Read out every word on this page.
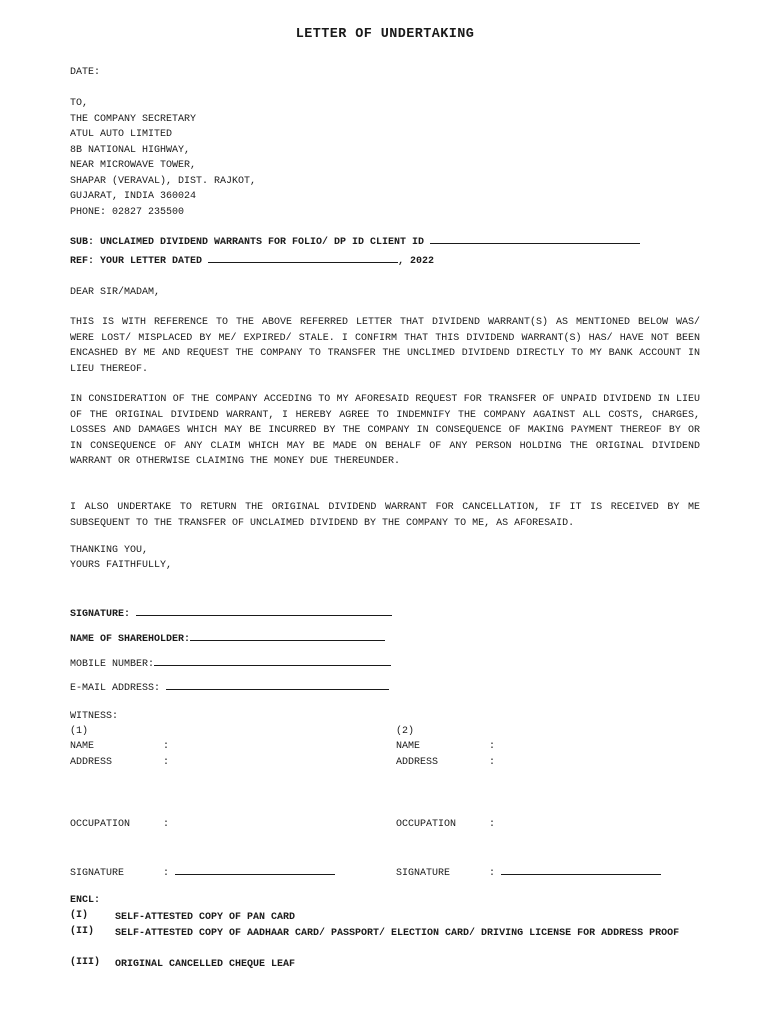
LETTER OF UNDERTAKING
DATE:
TO,
THE COMPANY SECRETARY
ATUL AUTO LIMITED
8B NATIONAL HIGHWAY,
NEAR MICROWAVE TOWER,
SHAPAR (VERAVAL), DIST. RAJKOT,
GUJARAT, INDIA 360024
PHONE: 02827 235500
SUB: UNCLAIMED DIVIDEND WARRANTS FOR FOLIO/ DP ID CLIENT ID
REF: YOUR LETTER DATED	, 2022
DEAR SIR/MADAM,
THIS IS WITH REFERENCE TO THE ABOVE REFERRED LETTER THAT DIVIDEND WARRANT(S) AS MENTIONED BELOW WAS/ WERE LOST/ MISPLACED BY ME/ EXPIRED/ STALE. I CONFIRM THAT THIS DIVIDEND WARRANT(S) HAS/ HAVE NOT BEEN ENCASHED BY ME AND REQUEST THE COMPANY TO TRANSFER THE UNCLIMED DIVIDEND DIRECTLY TO MY BANK ACCOUNT IN LIEU THEREOF.
IN CONSIDERATION OF THE COMPANY ACCEDING TO MY AFORESAID REQUEST FOR TRANSFER OF UNPAID DIVIDEND IN LIEU OF THE ORIGINAL DIVIDEND WARRANT, I HEREBY AGREE TO INDEMNIFY THE COMPANY AGAINST ALL COSTS, CHARGES, LOSSES AND DAMAGES WHICH MAY BE INCURRED BY THE COMPANY IN CONSEQUENCE OF MAKING PAYMENT THEREOF BY OR IN CONSEQUENCE OF ANY CLAIM WHICH MAY BE MADE ON BEHALF OF ANY PERSON HOLDING THE ORIGINAL DIVIDEND WARRANT OR OTHERWISE CLAIMING THE MONEY DUE THEREUNDER.
I ALSO UNDERTAKE TO RETURN THE ORIGINAL DIVIDEND WARRANT FOR CANCELLATION, IF IT IS RECEIVED BY ME SUBSEQUENT TO THE TRANSFER OF UNCLAIMED DIVIDEND BY THE COMPANY TO ME, AS AFORESAID.
THANKING YOU,
YOURS FAITHFULLY,
SIGNATURE:
NAME OF SHAREHOLDER:
MOBILE NUMBER:
E-MAIL ADDRESS:
WITNESS:
(1)
NAME	:
ADDRESS	:
OCCUPATION	:
SIGNATURE	:
(2)
NAME	:
ADDRESS	:
OCCUPATION	:
SIGNATURE	:
ENCL:
(I)	SELF-ATTESTED COPY OF PAN CARD
(II) SELF-ATTESTED COPY OF AADHAAR CARD/ PASSPORT/ ELECTION CARD/ DRIVING LICENSE FOR ADDRESS PROOF
(III) ORIGINAL CANCELLED CHEQUE LEAF
